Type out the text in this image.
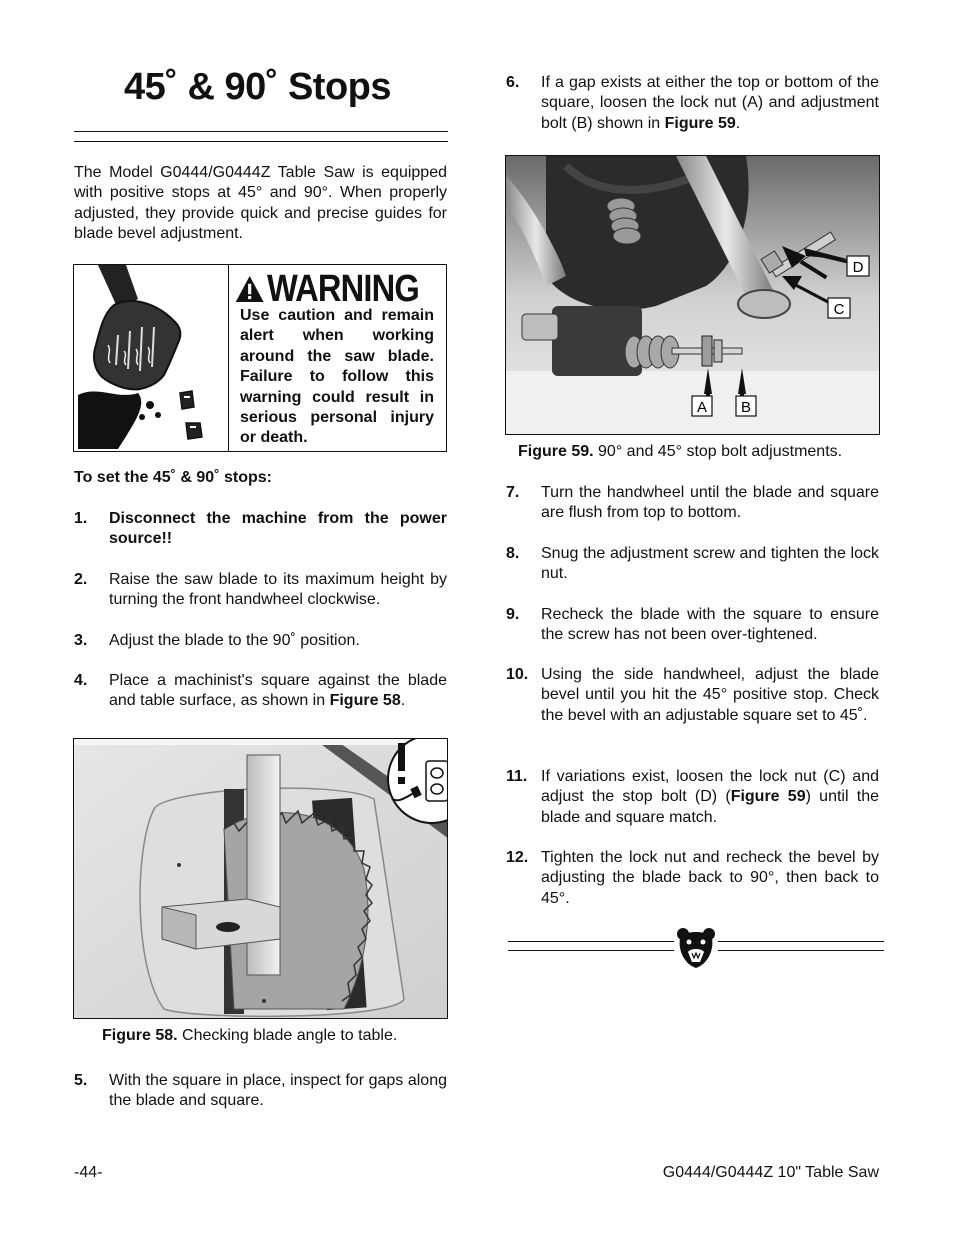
45˚ & 90˚ Stops

The Model G0444/G0444Z Table Saw is equipped with positive stops at 45° and 90°. When properly adjusted, they provide quick and precise guides for blade bevel adjustment.

WARNING
Use caution and remain alert when working around the saw blade. Failure to follow this warning could result in serious personal injury or death.
To set the 45˚ & 90˚ stops:
1. Disconnect the machine from the power source!!
2. Raise the saw blade to its maximum height by turning the front handwheel clockwise.
3. Adjust the blade to the 90˚ position.
4. Place a machinist's square against the blade and table surface, as shown in Figure 58.
Figure 58. Checking blade angle to table.
5. With the square in place, inspect for gaps along the blade and square.
6. If a gap exists at either the top or bottom of the square, loosen the lock nut (A) and adjustment bolt (B) shown in Figure 59.
A B
C
D
Figure 59. 90° and 45° stop bolt adjustments.
7. Turn the handwheel until the blade and square are flush from top to bottom.
8. Snug the adjustment screw and tighten the lock nut.
9. Recheck the blade with the square to ensure the screw has not been over-tightened.
10. Using the side handwheel, adjust the blade bevel until you hit the 45° positive stop. Check the bevel with an adjustable square set to 45˚.
11. If variations exist, loosen the lock nut (C) and adjust the stop bolt (D) (Figure 59) until the blade and square match.
12. Tighten the lock nut and recheck the bevel by adjusting the blade back to 90°, then back to 45°.
-44-	G0444/G0444Z 10" Table Saw
